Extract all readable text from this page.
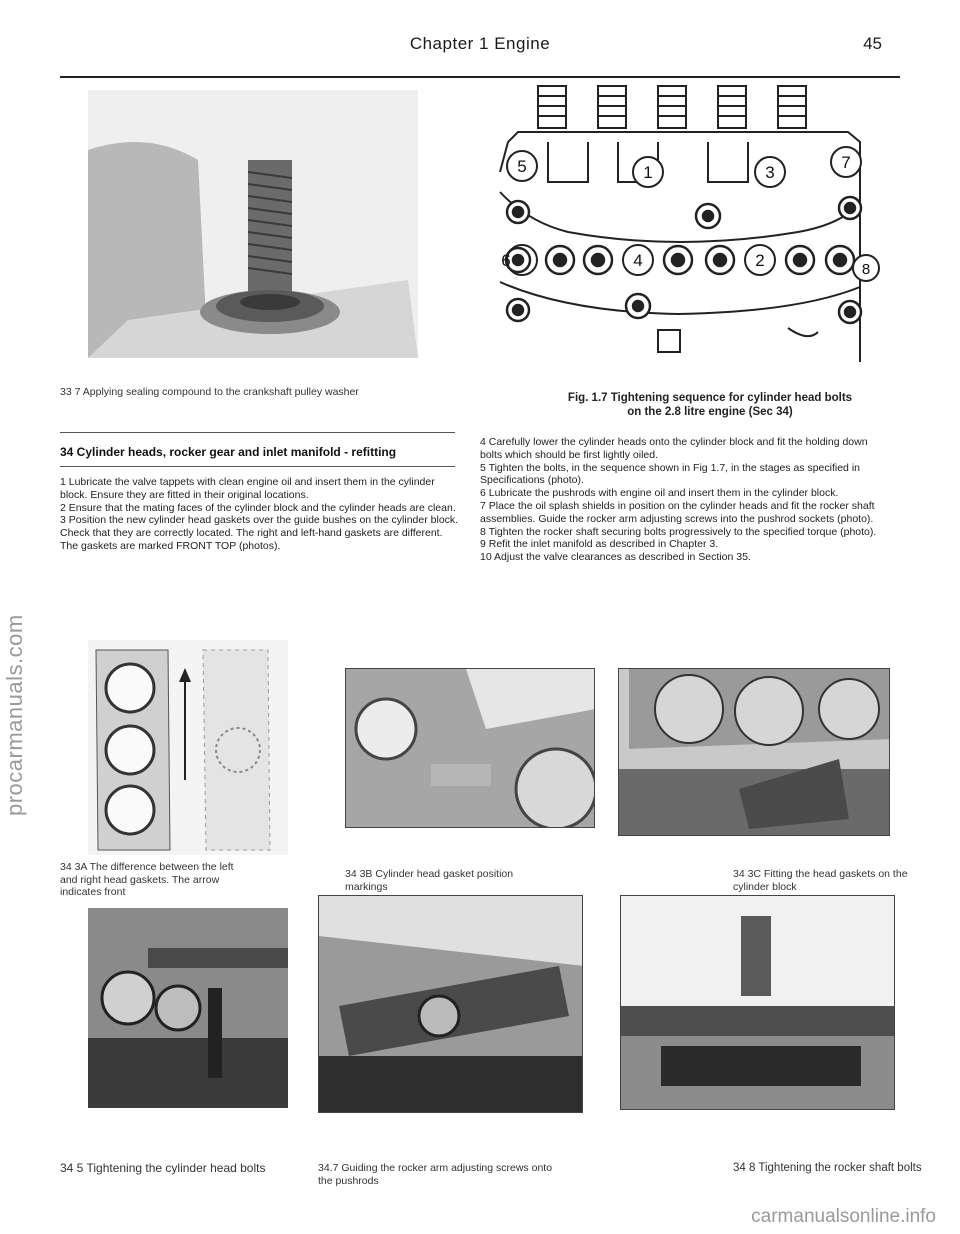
Chapter 1 Engine	45
procarmanuals.com
33 7 Applying sealing compound to the crankshaft pulley washer
34 Cylinder heads, rocker gear and inlet manifold - refitting

1 Lubricate the valve tappets with clean engine oil and insert them in the cylinder block. Ensure they are fitted in their original locations.

2 Ensure that the mating faces of the cylinder block and the cylinder heads are clean.

3 Position the new cylinder head gaskets over the guide bushes on the cylinder block. Check that they are correctly located. The right and left-hand gaskets are different. The gaskets are marked FRONT TOP (photos).

5	1	3
7
6	4	2	8
Fig. 1.7 Tightening sequence for cylinder head bolts on the 2.8 litre engine (Sec 34)

4 Carefully lower the cylinder heads onto the cylinder block and fit the holding down bolts which should be first lightly oiled.

5 Tighten the bolts, in the sequence shown in Fig 1.7, in the stages as specified in Specifications (photo).

6 Lubricate the pushrods with engine oil and insert them in the cylinder block.

7 Place the oil splash shields in position on the cylinder heads and fit the rocker shaft assemblies. Guide the rocker arm adjusting screws into the pushrod sockets (photo).

8 Tighten the rocker shaft securing bolts progressively to the specified torque (photo).

9 Refit the inlet manifold as described in Chapter 3.

10 Adjust the valve clearances as described in Section 35.

34 3A The difference between the left and right head gaskets. The arrow indicates front
34 3B Cylinder head gasket position markings
34 3C Fitting the head gaskets on the cylinder block
34 5 Tightening the cylinder head bolts	34.7 Guiding the rocker arm adjusting screws onto the pushrods
34 8 Tightening the rocker shaft bolts
carmanualsonline.info
